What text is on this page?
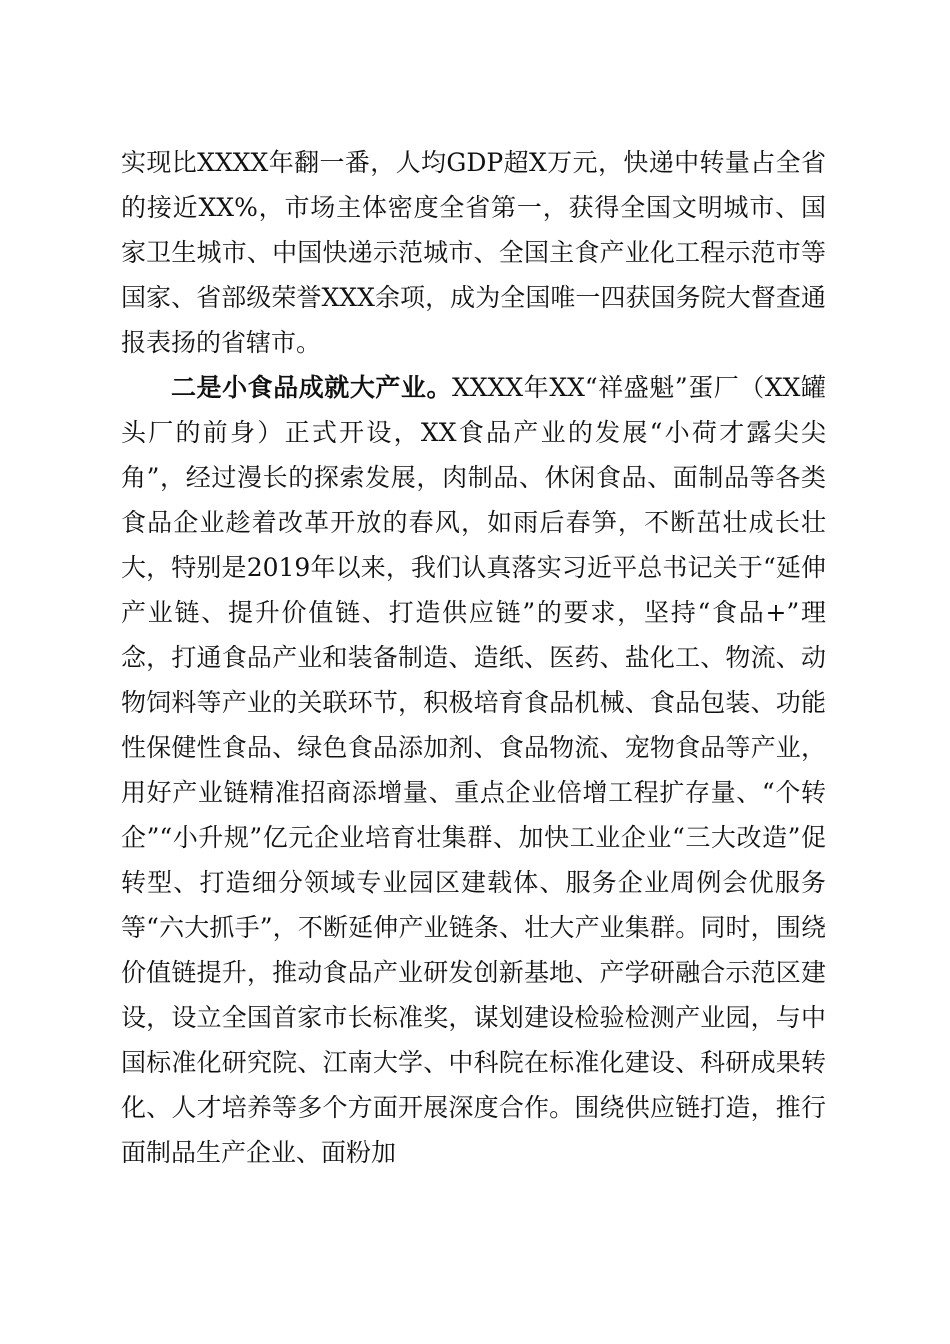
实现比XXXX年翻一番，人均GDP超X万元，快递中转量占全省的接近XX%，市场主体密度全省第一，获得全国文明城市、国家卫生城市、中国快递示范城市、全国主食产业化工程示范市等国家、省部级荣誉XXX余项，成为全国唯一四获国务院大督查通报表扬的省辖市。

二是小食品成就大产业。XXXX年XX“祥盛魁”蛋厂（XX罐头厂的前身）正式开设，XX食品产业的发展“小荷才露尖尖角”，经过漫长的探索发展，肉制品、休闲食品、面制品等各类食品企业趁着改革开放的春风，如雨后春笋，不断茁壮成长壮大，特别是2019年以来，我们认真落实习近平总书记关于“延伸产业链、提升价值链、打造供应链”的要求，坚持“食品+”理念，打通食品产业和装备制造、造纸、医药、盐化工、物流、动物饲料等产业的关联环节，积极培育食品机械、食品包装、功能性保健性食品、绿色食品添加剂、食品物流、宠物食品等产业，用好产业链精准招商添增量、重点企业倍增工程扩存量、“个转企”“小升规”亿元企业培育壮集群、加快工业企业“三大改造”促转型、打造细分领域专业园区建载体、服务企业周例会优服务等“六大抓手”，不断延伸产业链条、壮大产业集群。同时，围绕价值链提升，推动食品产业研发创新基地、产学研融合示范区建设，设立全国首家市长标准奖，谋划建设检验检测产业园，与中国标准化研究院、江南大学、中科院在标准化建设、科研成果转化、人才培养等多个方面开展深度合作。围绕供应链打造，推行面制品生产企业、面粉加
